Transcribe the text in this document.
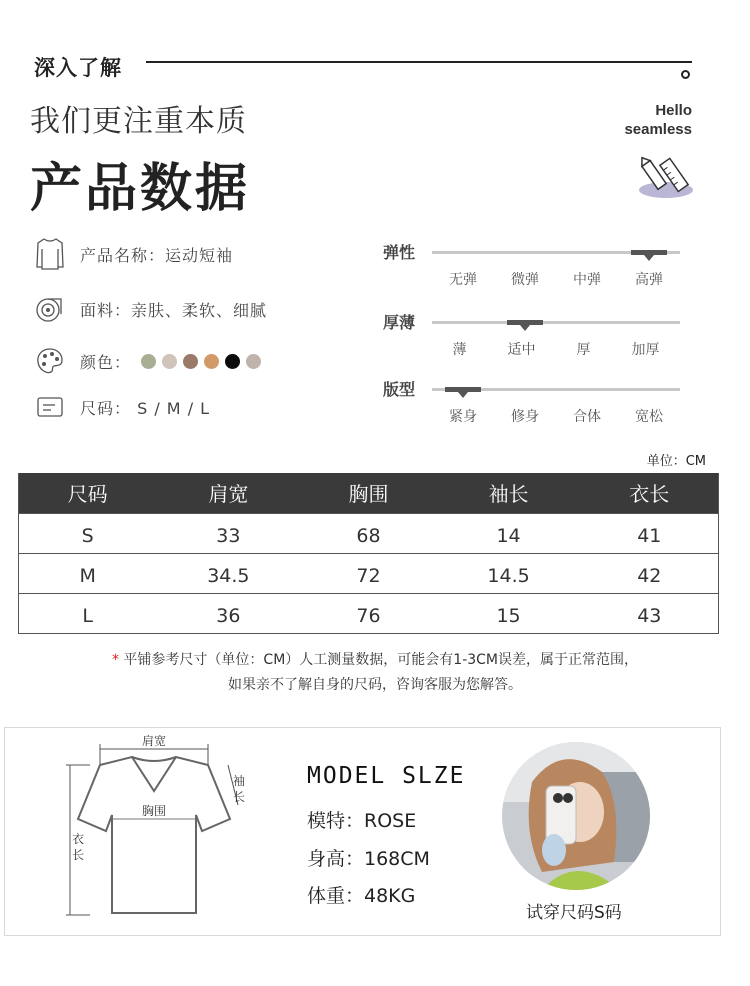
深入了解
我们更注重本质
产品数据
Hello
seamless
产品名称：运动短袖
面料：亲肤、柔软、细腻
颜色：
尺码： S / M / L
弹性
无弹 微弹 中弹 高弹
厚薄
薄	适中	厚	加厚
版型
紧身 修身 合体 宽松
单位：CM
尺码	肩宽	胸围	袖长	衣长
S	33	68	14	41
M	34.5	72	14.5	42
L	36	76	15	43
* 平铺参考尺寸（单位：CM）人工测量数据，可能会有1-3CM误差，属于正常范围，
如果亲不了解自身的尺码，咨询客服为您解答。
肩宽
衣长
袖长
胸围
MODEL SLZE
模特：ROSE
身高：168CM
体重：48KG
试穿尺码S码
